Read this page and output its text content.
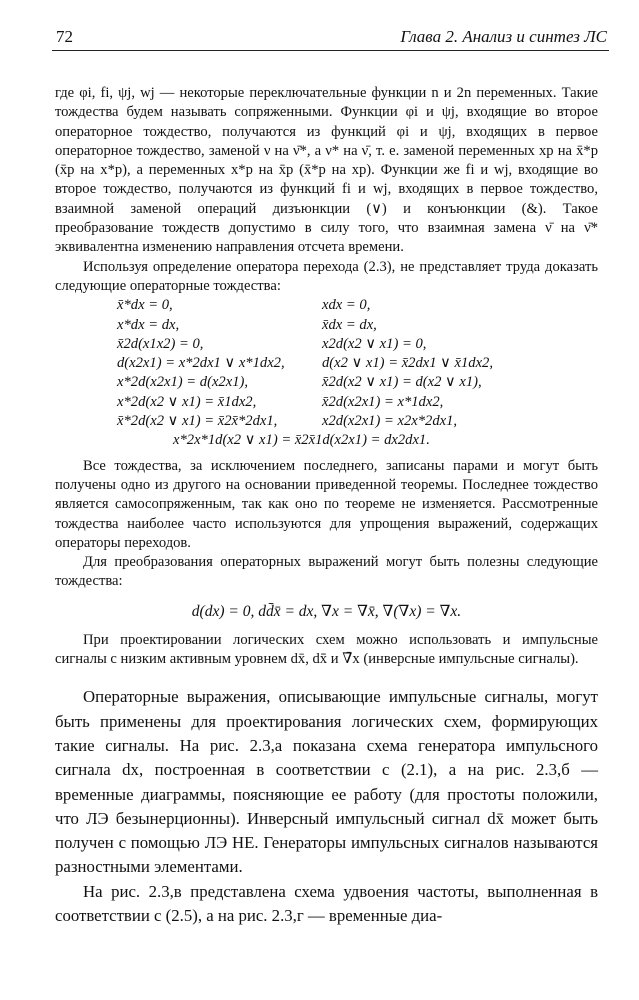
72	Глава 2. Анализ и синтез ЛС

где φi, fi, ψj, wj — некоторые переключательные функции n и 2n переменных. Такие тождества будем называть сопряженными. Функции φi и ψj, входящие во второе операторное тождество, получаются из функций φi и ψj, входящих в первое операторное тождество, заменой ν на ν̄*, а ν* на ν̄, т. е. заменой переменных xp на x̄*p (x̄p на x*p), а переменных x*p на x̄p (x̄*p на xp). Функции же fi и wj, входящие во второе тождество, получаются из функций fi и wj, входящих в первое тождество, взаимной заменой операций дизъюнкции (∨) и конъюнкции (&). Такое преобразование тождеств допустимо в силу того, что взаимная замена ν̄ на ν̄* эквивалентна изменению направления отсчета времени.

Используя определение оператора перехода (2.3), не представляет труда доказать следующие операторные тождества:

x̄*dx = 0,	xdx = 0,
x*dx = dx,	x̄dx = dx,
x̄2d(x1x2) = 0,	x2d(x2 ∨ x1) = 0,
d(x2x1) = x*2dx1 ∨ x*1dx2,	d(x2 ∨ x1) = x̄2dx1 ∨ x̄1dx2,
x*2d(x2x1) = d(x2x1),	x̄2d(x2 ∨ x1) = d(x2 ∨ x1),
x*2d(x2 ∨ x1) = x̄1dx2,	x̄2d(x2x1) = x*1dx2,
x̄*2d(x2 ∨ x1) = x̄2x̄*2dx1,	x2d(x2x1) = x2x*2dx1,
x*2x*1d(x2 ∨ x1) = x̄2x̄1d(x2x1) = dx2dx1.

Все тождества, за исключением последнего, записаны парами и могут быть получены одно из другого на основании приведенной теоремы. Последнее тождество является самосопряженным, так как оно по теореме не изменяется. Рассмотренные тождества наиболее часто используются для упрощения выражений, содержащих операторы переходов.

Для преобразования операторных выражений могут быть полезны следующие тождества:

d(dx) = 0, dd̄x̄ = dx, ∇x = ∇x̄, ∇(∇x) = ∇x.

При проектировании логических схем можно использовать и импульсные сигналы с низким активным уровнем dx̄, dx̄̄ и ∇̄x (инверсные импульсные сигналы).

Операторные выражения, описывающие импульсные сигналы, могут быть применены для проектирования логических схем, формирующих такие сигналы. На рис. 2.3,а показана схема генератора импульсного сигнала dx, построенная в соответствии с (2.1), а на рис. 2.3,б — временные диаграммы, поясняющие ее работу (для простоты положили, что ЛЭ безынерционны). Инверсный импульсный сигнал dx̄ может быть получен с помощью ЛЭ НЕ. Генераторы импульсных сигналов называются разностными элементами.

На рис. 2.3,в представлена схема удвоения частоты, выполненная в соответствии с (2.5), а на рис. 2.3,г — временные диа-
